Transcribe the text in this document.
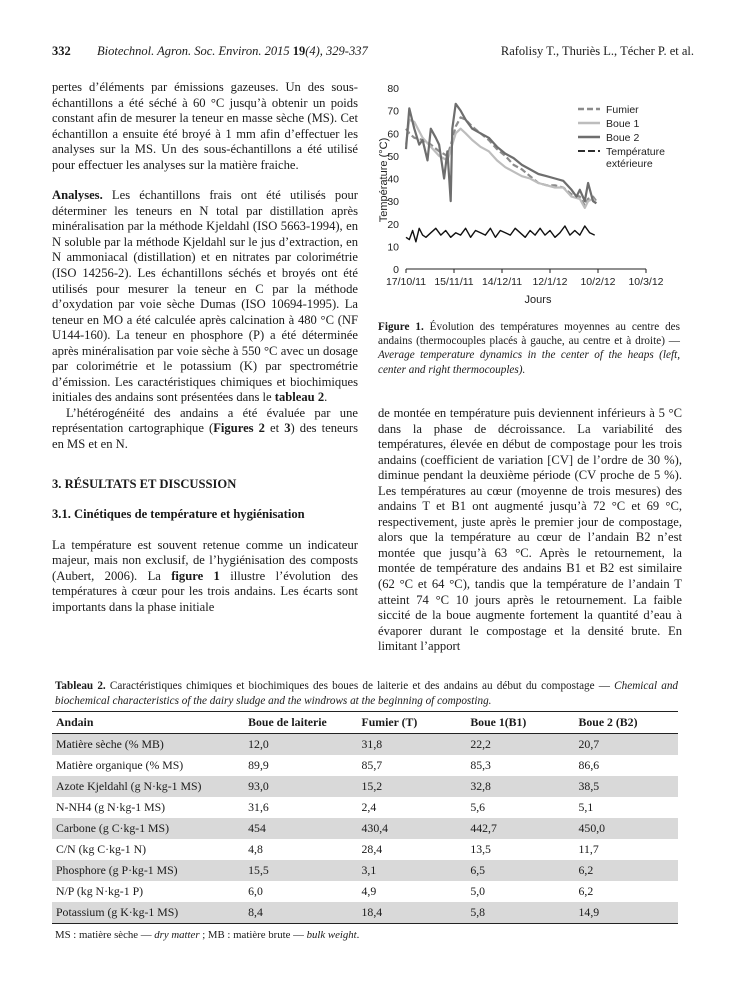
332 Biotechnol. Agron. Soc. Environ. 2015 19(4), 329-337	Rafolisy T., Thuriès L., Técher P. et al.

pertes d’éléments par émissions gazeuses. Un des sous-échantillons a été séché à 60 °C jusqu’à obtenir un poids constant afin de mesurer la teneur en masse sèche (MS). Cet échantillon a ensuite été broyé à 1 mm afin d’effectuer les analyses sur la MS. Un des sous-échantillons a été utilisé pour effectuer les analyses sur la matière fraiche.

Analyses. Les échantillons frais ont été utilisés pour déterminer les teneurs en N total par distillation après minéralisation par la méthode Kjeldahl (ISO 5663-1994), en N soluble par la méthode Kjeldahl sur le jus d’extraction, en N ammoniacal (distillation) et en nitrates par colorimétrie (ISO 14256-2). Les échantillons séchés et broyés ont été utilisés pour mesurer la teneur en C par la méthode d’oxydation par voie sèche Dumas (ISO 10694-1995). La teneur en MO a été calculée après calcination à 480 °C (NF U144-160). La teneur en phosphore (P) a été déterminée après minéralisation par voie sèche à 550 °C avec un dosage par colorimétrie et le potassium (K) par spectrométrie d’émission. Les caractéristiques chimiques et biochimiques initiales des andains sont présentées dans le tableau 2.

L’hétérogénéité des andains a été évaluée par une représentation cartographique (Figures 2 et 3) des teneurs en MS et en N.

3. RÉSULTATS ET DISCUSSION

3.1. Cinétiques de température et hygiénisation

La température est souvent retenue comme un indicateur majeur, mais non exclusif, de l’hygiénisation des composts (Aubert, 2006). La figure 1 illustre l’évolution des températures à cœur pour les trois andains. Les écarts sont importants dans la phase initiale

0
10
20
30
40
50
60
70
80
17/10/11 15/11/11 14/12/11 12/1/12 10/2/12 10/3/12
Température (°C)
Jours
Fumier
Boue 1
Boue 2
Température
extérieure
Figure 1. Évolution des températures moyennes au centre des andains (thermocouples placés à gauche, au centre et à droite) — Average temperature dynamics in the center of the heaps (left, center and right thermocouples).

de montée en température puis deviennent inférieurs à 5 °C dans la phase de décroissance. La variabilité des températures, élevée en début de compostage pour les trois andains (coefficient de variation [CV] de l’ordre de 30 %), diminue pendant la deuxième période (CV proche de 5 %). Les températures au cœur (moyenne de trois mesures) des andains T et B1 ont augmenté jusqu’à 72 °C et 69 °C, respectivement, juste après le premier jour de compostage, alors que la température au cœur de l’andain B2 n’est montée que jusqu’à 63 °C. Après le retournement, la montée de température des andains B1 et B2 est similaire (62 °C et 64 °C), tandis que la température de l’andain T atteint 74 °C 10 jours après le retournement. La faible siccité de la boue augmente fortement la quantité d’eau à évaporer durant le compostage et la densité brute. En limitant l’apport

Tableau 2. Caractéristiques chimiques et biochimiques des boues de laiterie et des andains au début du compostage — Chemical and biochemical characteristics of the dairy sludge and the windrows at the beginning of composting.
Andain	Boue de laiterie	Fumier (T)	Boue 1(B1)	Boue 2 (B2)
Matière sèche (% MB)	12,0	31,8	22,2	20,7
Matière organique (% MS)	89,9	85,7	85,3	86,6
Azote Kjeldahl (g N·kg-1 MS)	93,0	15,2	32,8	38,5
N-NH4 (g N·kg-1 MS)	31,6	2,4	5,6	5,1
Carbone (g C·kg-1 MS)	454	430,4	442,7	450,0
C/N (kg C·kg-1 N)	4,8	28,4	13,5	11,7
Phosphore (g P·kg-1 MS)	15,5	3,1	6,5	6,2
N/P (kg N·kg-1 P)	6,0	4,9	5,0	6,2
Potassium (g K·kg-1 MS)	8,4	18,4	5,8	14,9
MS : matière sèche — dry matter ; MB : matière brute — bulk weight.
